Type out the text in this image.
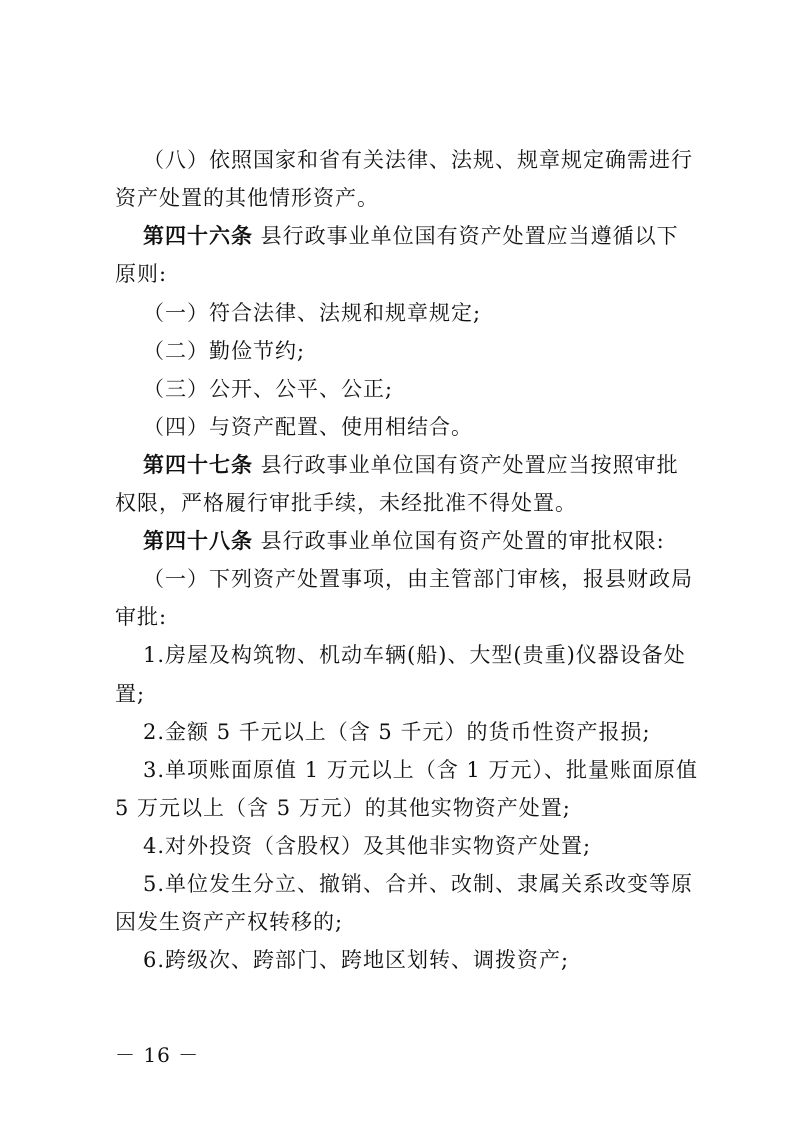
（八）依照国家和省有关法律、法规、规章规定确需进行
资产处置的其他情形资产。
第四十六条 县行政事业单位国有资产处置应当遵循以下
原则:
（一）符合法律、法规和规章规定;
（二）勤俭节约;
（三）公开、公平、公正;
（四）与资产配置、使用相结合。
第四十七条 县行政事业单位国有资产处置应当按照审批
权限，严格履行审批手续，未经批准不得处置。
第四十八条 县行政事业单位国有资产处置的审批权限:
（一）下列资产处置事项，由主管部门审核，报县财政局
审批:
1.房屋及构筑物、机动车辆(船)、大型(贵重)仪器设备处
置;
2.金额 5 千元以上（含 5 千元）的货币性资产报损;
3.单项账面原值 1 万元以上（含 1 万元）、批量账面原值
5 万元以上（含 5 万元）的其他实物资产处置;
4.对外投资（含股权）及其他非实物资产处置;
5.单位发生分立、撤销、合并、改制、隶属关系改变等原
因发生资产产权转移的;
6.跨级次、跨部门、跨地区划转、调拨资产;
－ 16 －
